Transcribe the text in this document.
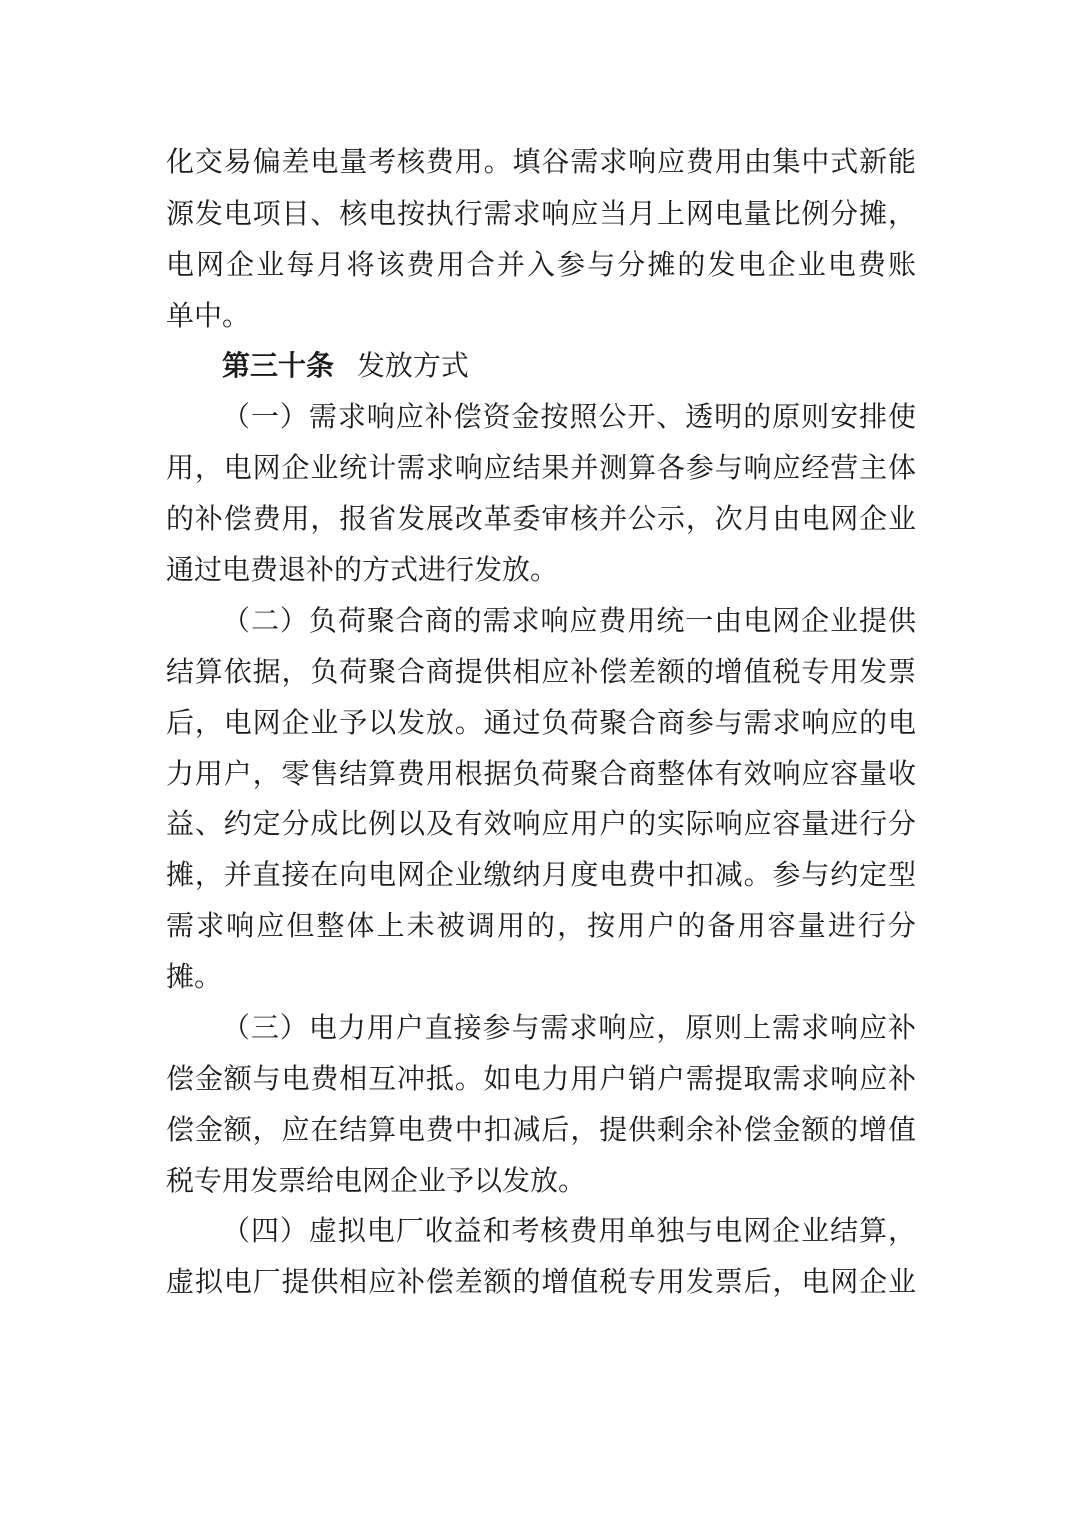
化交易偏差电量考核费用。填谷需求响应费用由集中式新能
源发电项目、核电按执行需求响应当月上网电量比例分摊，
电网企业每月将该费用合并入参与分摊的发电企业电费账
单中。
第三十条 发放方式
（一）需求响应补偿资金按照公开、透明的原则安排使
用，电网企业统计需求响应结果并测算各参与响应经营主体
的补偿费用，报省发展改革委审核并公示，次月由电网企业
通过电费退补的方式进行发放。
（二）负荷聚合商的需求响应费用统一由电网企业提供
结算依据，负荷聚合商提供相应补偿差额的增值税专用发票
后，电网企业予以发放。通过负荷聚合商参与需求响应的电
力用户，零售结算费用根据负荷聚合商整体有效响应容量收
益、约定分成比例以及有效响应用户的实际响应容量进行分
摊，并直接在向电网企业缴纳月度电费中扣减。参与约定型
需求响应但整体上未被调用的，按用户的备用容量进行分
摊。
（三）电力用户直接参与需求响应，原则上需求响应补
偿金额与电费相互冲抵。如电力用户销户需提取需求响应补
偿金额，应在结算电费中扣减后，提供剩余补偿金额的增值
税专用发票给电网企业予以发放。
（四）虚拟电厂收益和考核费用单独与电网企业结算，
虚拟电厂提供相应补偿差额的增值税专用发票后，电网企业
